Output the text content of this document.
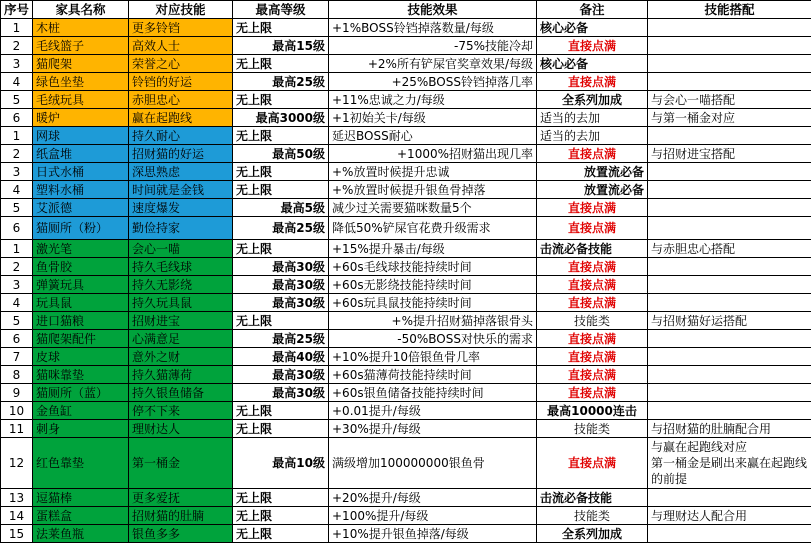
序号	家具名称	对应技能	最高等级	技能效果	备注	技能搭配
1	木桩	更多铃铛	无上限	+1%BOSS铃铛掉落数量/每级	核心必备	
2	毛线篮子	高效人士	最高15级	-75%技能冷却	直接点满	
3	猫爬架	荣誉之心	无上限	+2%所有铲屎官奖章效果/每级	核心必备	
4	绿色坐垫	铃铛的好运	最高25级	+25%BOSS铃铛掉落几率	直接点满	
5	毛绒玩具	赤胆忠心	无上限	+11%忠诚之力/每级	全系列加成	与会心一喵搭配
6	暖炉	赢在起跑线	最高3000级	+1初始关卡/每级	适当的去加	与第一桶金对应
1	网球	持久耐心	无上限	延迟BOSS耐心	适当的去加	
2	纸盒堆	招财猫的好运	最高50级	+1000%招财猫出现几率	直接点满	与招财进宝搭配
3	日式水桶	深思熟虑	无上限	+%放置时候提升忠诚	放置流必备	
4	塑料水桶	时间就是金钱	无上限	+%放置时候提升银鱼骨掉落	放置流必备	
5	艾派德	速度爆发	最高5级	减少过关需要猫咪数量5个	直接点满	
6	猫厕所（粉）	勤俭持家	最高25级	降低50%铲屎官花费升级需求	直接点满	
1	激光笔	会心一喵	无上限	+15%提升暴击/每级	击流必备技能	与赤胆忠心搭配
2	鱼骨胶	持久毛线球	最高30级	+60s毛线球技能持续时间	直接点满	
3	弹簧玩具	持久无影绕	最高30级	+60s无影绕技能持续时间	直接点满	
4	玩具鼠	持久玩具鼠	最高30级	+60s玩具鼠技能持续时间	直接点满	
5	进口猫粮	招财进宝	无上限	+%提升招财猫掉落银骨头	技能类	与招财猫好运搭配
6	猫爬架配件	心满意足	最高25级	-50%BOSS对快乐的需求	直接点满	
7	皮球	意外之财	最高40级	+10%提升10倍银鱼骨几率	直接点满	
8	猫咪靠垫	持久猫薄荷	最高30级	+60s猫薄荷技能持续时间	直接点满	
9	猫厕所（蓝）	持久银鱼储备	最高30级	+60s银鱼储备技能持续时间	直接点满	
10	金鱼缸	停不下来	无上限	+0.01提升/每级	最高10000连击	
11	刺身	理财达人	无上限	+30%提升/每级	技能类	与招财猫的肚腩配合用
12	红色靠垫	第一桶金	最高10级	满级增加100000000银鱼骨	直接点满	与赢在起跑线对应
第一桶金是刷出来赢在起跑线的前提
13	逗猫棒	更多爱抚	无上限	+20%提升/每级	击流必备技能	
14	蛋糕盒	招财猫的肚腩	无上限	+100%提升/每级	技能类	与理财达人配合用
15	法莱鱼瓶	银鱼多多	无上限	+10%提升银鱼掉落/每级	全系列加成	
